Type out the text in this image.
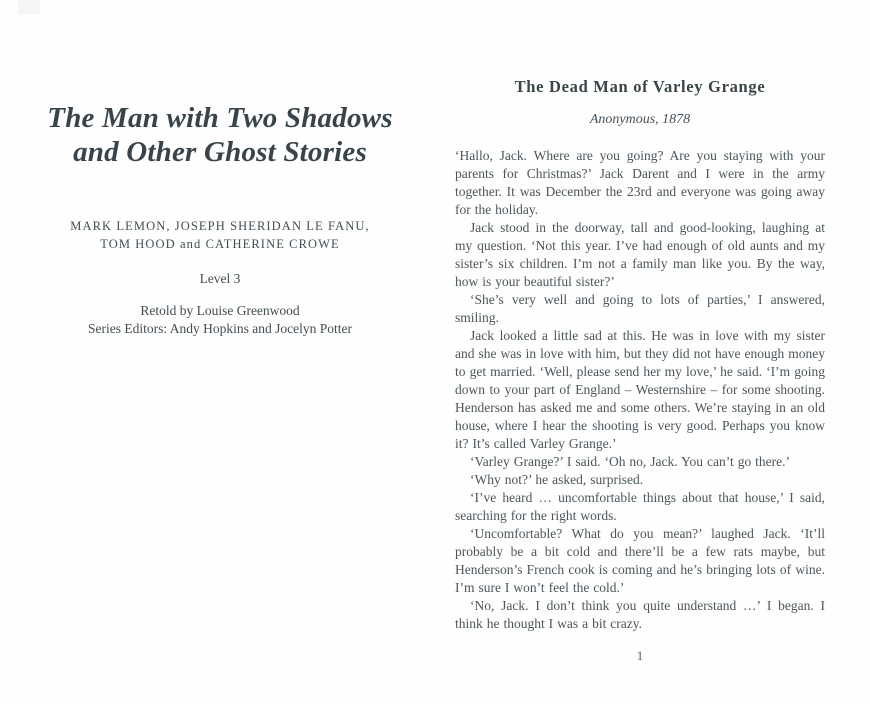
The Man with Two Shadows
and Other Ghost Stories
MARK LEMON, JOSEPH SHERIDAN LE FANU,
TOM HOOD and CATHERINE CROWE
Level 3
Retold by Louise Greenwood
Series Editors: Andy Hopkins and Jocelyn Potter
The Dead Man of Varley Grange
Anonymous, 1878

‘Hallo, Jack. Where are you going? Are you staying with your parents for Christmas?’ Jack Darent and I were in the army together. It was December the 23rd and everyone was going away for the holiday.

Jack stood in the doorway, tall and good-looking, laughing at my question. ‘Not this year. I’ve had enough of old aunts and my sister’s six children. I’m not a family man like you. By the way, how is your beautiful sister?’

‘She’s very well and going to lots of parties,’ I answered, smiling.

Jack looked a little sad at this. He was in love with my sister and she was in love with him, but they did not have enough money to get married. ‘Well, please send her my love,’ he said. ‘I’m going down to your part of England – Westernshire – for some shooting. Henderson has asked me and some others. We’re staying in an old house, where I hear the shooting is very good. Perhaps you know it? It’s called Varley Grange.’

‘Varley Grange?’ I said. ‘Oh no, Jack. You can’t go there.’

‘Why not?’ he asked, surprised.

‘I’ve heard … uncomfortable things about that house,’ I said, searching for the right words.

‘Uncomfortable? What do you mean?’ laughed Jack. ‘It’ll probably be a bit cold and there’ll be a few rats maybe, but Henderson’s French cook is coming and he’s bringing lots of wine. I’m sure I won’t feel the cold.’

‘No, Jack. I don’t think you quite understand …’ I began. I think he thought I was a bit crazy.

1
